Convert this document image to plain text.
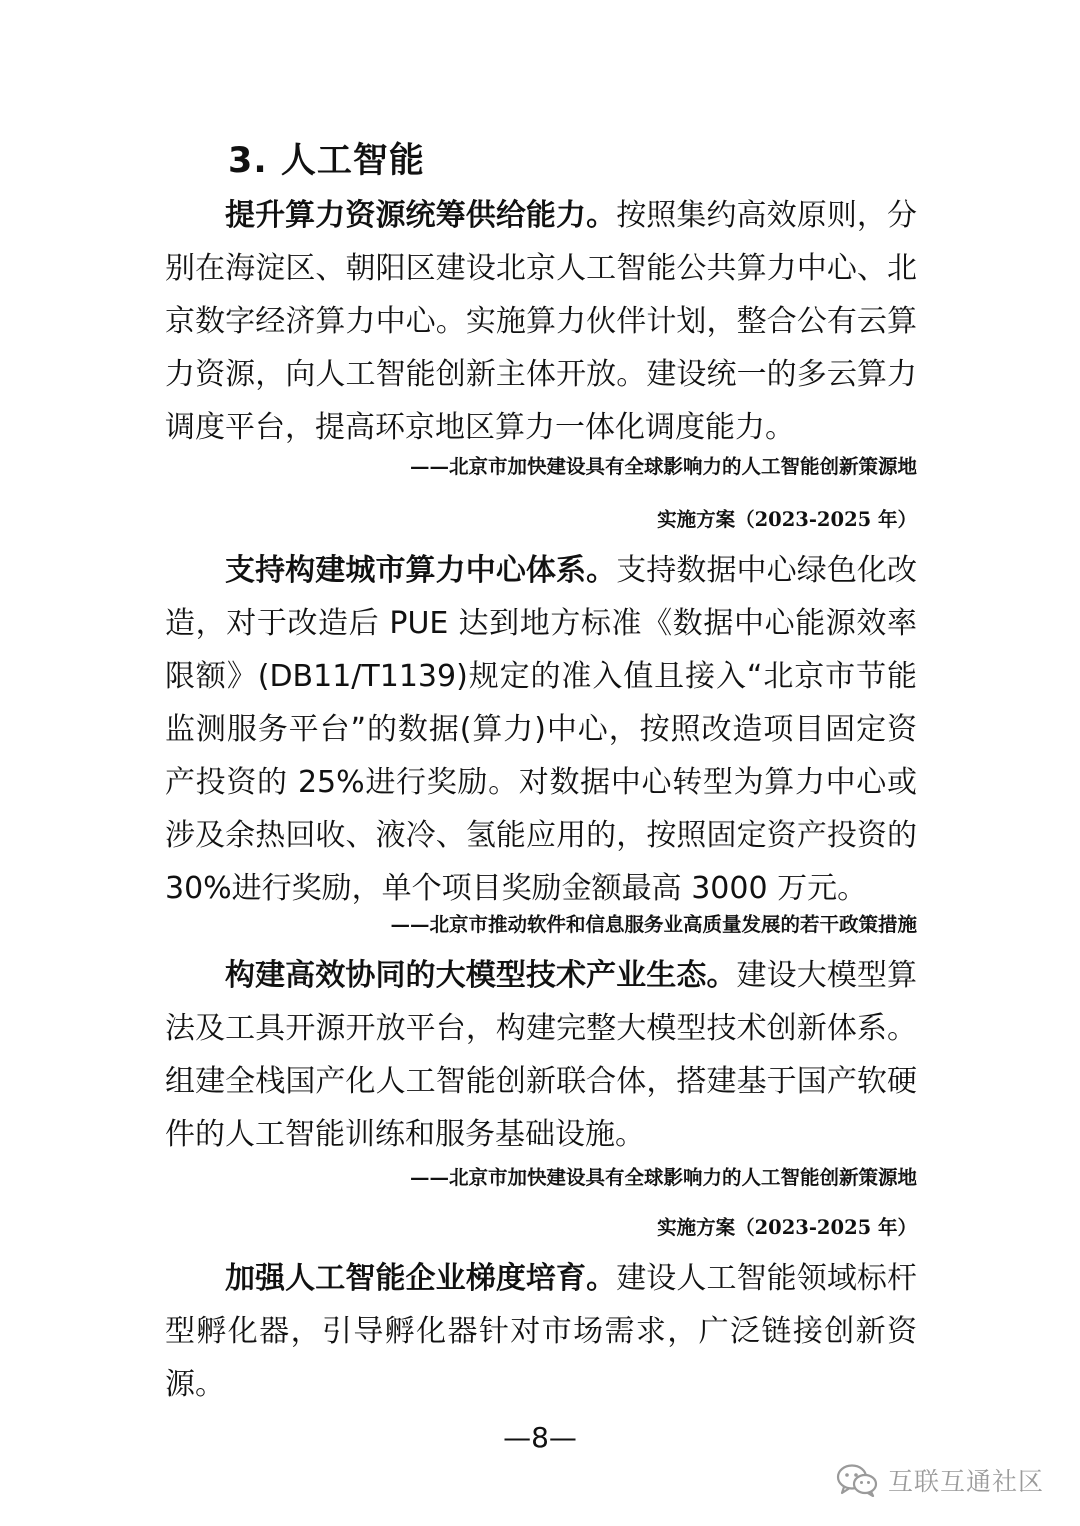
3. 人工智能

提升算力资源统筹供给能力。按照集约高效原则，分别在海淀区、朝阳区建设北京人工智能公共算力中心、北京数字经济算力中心。实施算力伙伴计划，整合公有云算力资源，向人工智能创新主体开放。建设统一的多云算力调度平台，提高环京地区算力一体化调度能力。

——北京市加快建设具有全球影响力的人工智能创新策源地
实施方案（2023-2025 年）

支持构建城市算力中心体系。支持数据中心绿色化改造，对于改造后 PUE 达到地方标准《数据中心能源效率限额》(DB11/T1139)规定的准入值且接入“北京市节能监测服务平台”的数据(算力)中心，按照改造项目固定资产投资的 25%进行奖励。对数据中心转型为算力中心或涉及余热回收、液冷、氢能应用的，按照固定资产投资的 30%进行奖励，单个项目奖励金额最高 3000 万元。

——北京市推动软件和信息服务业高质量发展的若干政策措施

构建高效协同的大模型技术产业生态。建设大模型算法及工具开源开放平台，构建完整大模型技术创新体系。组建全栈国产化人工智能创新联合体，搭建基于国产软硬件的人工智能训练和服务基础设施。

——北京市加快建设具有全球影响力的人工智能创新策源地
实施方案（2023-2025 年）

加强人工智能企业梯度培育。建设人工智能领域标杆型孵化器，引导孵化器针对市场需求，广泛链接创新资源。

—8—
互联互通社区
